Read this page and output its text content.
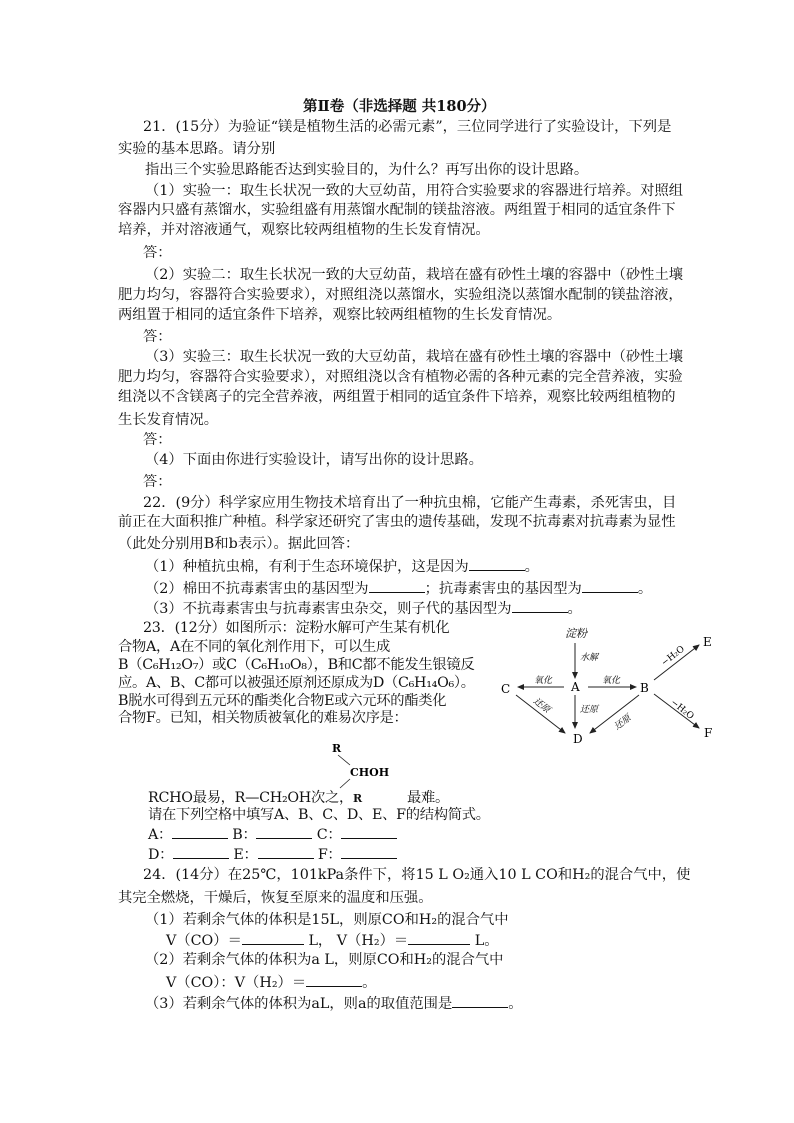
第Ⅱ卷（非选择题 共180分）
21．(15分）为验证“镁是植物生活的必需元素”，三位同学进行了实验设计，下列是
实验的基本思路。请分别
指出三个实验思路能否达到实验目的，为什么？再写出你的设计思路。
（1）实验一：取生长状况一致的大豆幼苗，用符合实验要求的容器进行培养。对照组
容器内只盛有蒸馏水，实验组盛有用蒸馏水配制的镁盐溶液。两组置于相同的适宜条件下
培养，并对溶液通气，观察比较两组植物的生长发育情况。
答：
（2）实验二：取生长状况一致的大豆幼苗，栽培在盛有砂性土壤的容器中（砂性土壤
肥力均匀，容器符合实验要求），对照组浇以蒸馏水，实验组浇以蒸馏水配制的镁盐溶液，
两组置于相同的适宜条件下培养，观察比较两组植物的生长发育情况。
答：
（3）实验三：取生长状况一致的大豆幼苗，栽培在盛有砂性土壤的容器中（砂性土壤
肥力均匀，容器符合实验要求），对照组浇以含有植物必需的各种元素的完全营养液，实验
组浇以不含镁离子的完全营养液，两组置于相同的适宜条件下培养，观察比较两组植物的
生长发育情况。
答：
（4）下面由你进行实验设计，请写出你的设计思路。
答：
22．(9分）科学家应用生物技术培育出了一种抗虫棉，它能产生毒素，杀死害虫，目
前正在大面积推广种植。科学家还研究了害虫的遗传基础，发现不抗毒素对抗毒素为显性
（此处分别用B和b表示）。据此回答：
（1）种植抗虫棉，有利于生态环境保护，这是因为	。
（2）棉田不抗毒素害虫的基因型为	；抗毒素害虫的基因型为	。
（3）不抗毒素害虫与抗毒素害虫杂交，则子代的基因型为	。
23．(12分）如图所示：淀粉水解可产生某有机化
合物A，A在不同的氧化剂作用下，可以生成
B（C₆H₁₂O₇）或C（C₆H₁₀O₈），B和C都不能发生银镜反
应。A、B、C都可以被强还原剂还原成为D（C₆H₁₄O₆）。
B脱水可得到五元环的酯类化合物E或六元环的酯类化
合物F。已知，相关物质被氧化的难易次序是：
R
CHOH
RCHO最易，R—CH₂OH次之，R	最难。
请在下列空格中填写A、B、C、D、E、F的结构简式。
A：	B：	C：
D：	E：	F：
淀粉
水解
氧化
氧化
还原
还原
还原
−H₂O
−H₂O
A	B
C
D
E
F
24．(14分）在25℃，101kPa条件下，将15 L O₂通入10 L CO和H₂的混合气中，使
其完全燃烧，干燥后，恢复至原来的温度和压强。
（1）若剩余气体的体积是15L，则原CO和H₂的混合气中
V（CO）＝	L， V（H₂）＝	L。
（2）若剩余气体的体积为a L，则原CO和H₂的混合气中
V（CO）：V（H₂）＝	。
（3）若剩余气体的体积为aL，则a的取值范围是	。
